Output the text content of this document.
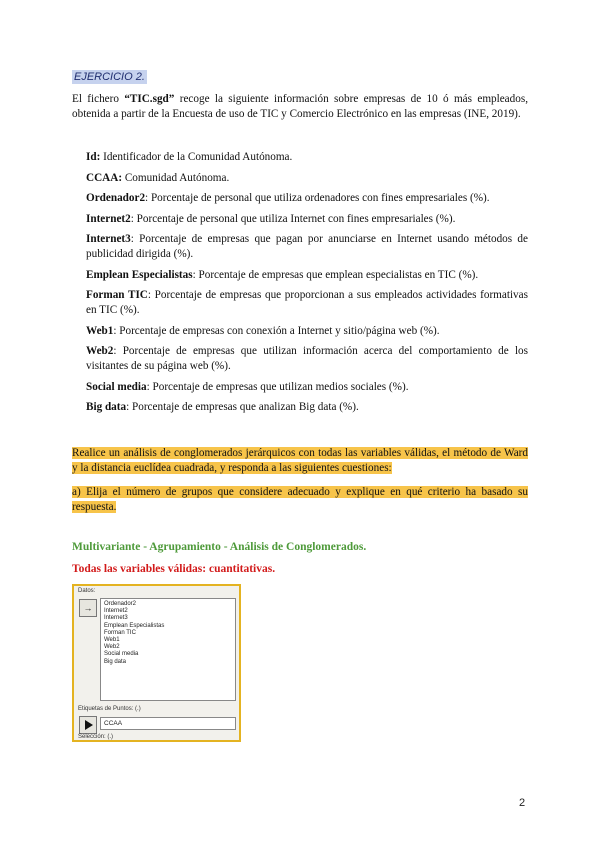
EJERCICIO 2.
El fichero “TIC.sgd” recoge la siguiente información sobre empresas de 10 ó más empleados, obtenida a partir de la Encuesta de uso de TIC y Comercio Electrónico en las empresas (INE, 2019).

Id: Identificador de la Comunidad Autónoma.

CCAA: Comunidad Autónoma.

Ordenador2: Porcentaje de personal que utiliza ordenadores con fines empresariales (%).

Internet2: Porcentaje de personal que utiliza Internet con fines empresariales (%).

Internet3: Porcentaje de empresas que pagan por anunciarse en Internet usando métodos de publicidad dirigida (%).

Emplean Especialistas: Porcentaje de empresas que emplean especialistas en TIC (%).

Forman TIC: Porcentaje de empresas que proporcionan a sus empleados actividades formativas en TIC (%).

Web1: Porcentaje de empresas con conexión a Internet y sitio/página web (%).

Web2: Porcentaje de empresas que utilizan información acerca del comportamiento de los visitantes de su página web (%).

Social media: Porcentaje de empresas que utilizan medios sociales (%).

Big data: Porcentaje de empresas que analizan Big data (%).

Realice un análisis de conglomerados jerárquicos con todas las variables válidas, el método de Ward y la distancia euclídea cuadrada, y responda a las siguientes cuestiones:
a) Elija el número de grupos que considere adecuado y explique en qué criterio ha basado su respuesta.
Multivariante - Agrupamiento - Análisis de Conglomerados.
Todas las variables válidas: cuantitativas.
Datos:
→	Ordenador2
Internet2
Internet3
Emplean Especialistas
Forman TIC
Web1
Web2
Social media
Big data
Etiquetas de Puntos: (.)
CCAA
Selección: (.)
2
